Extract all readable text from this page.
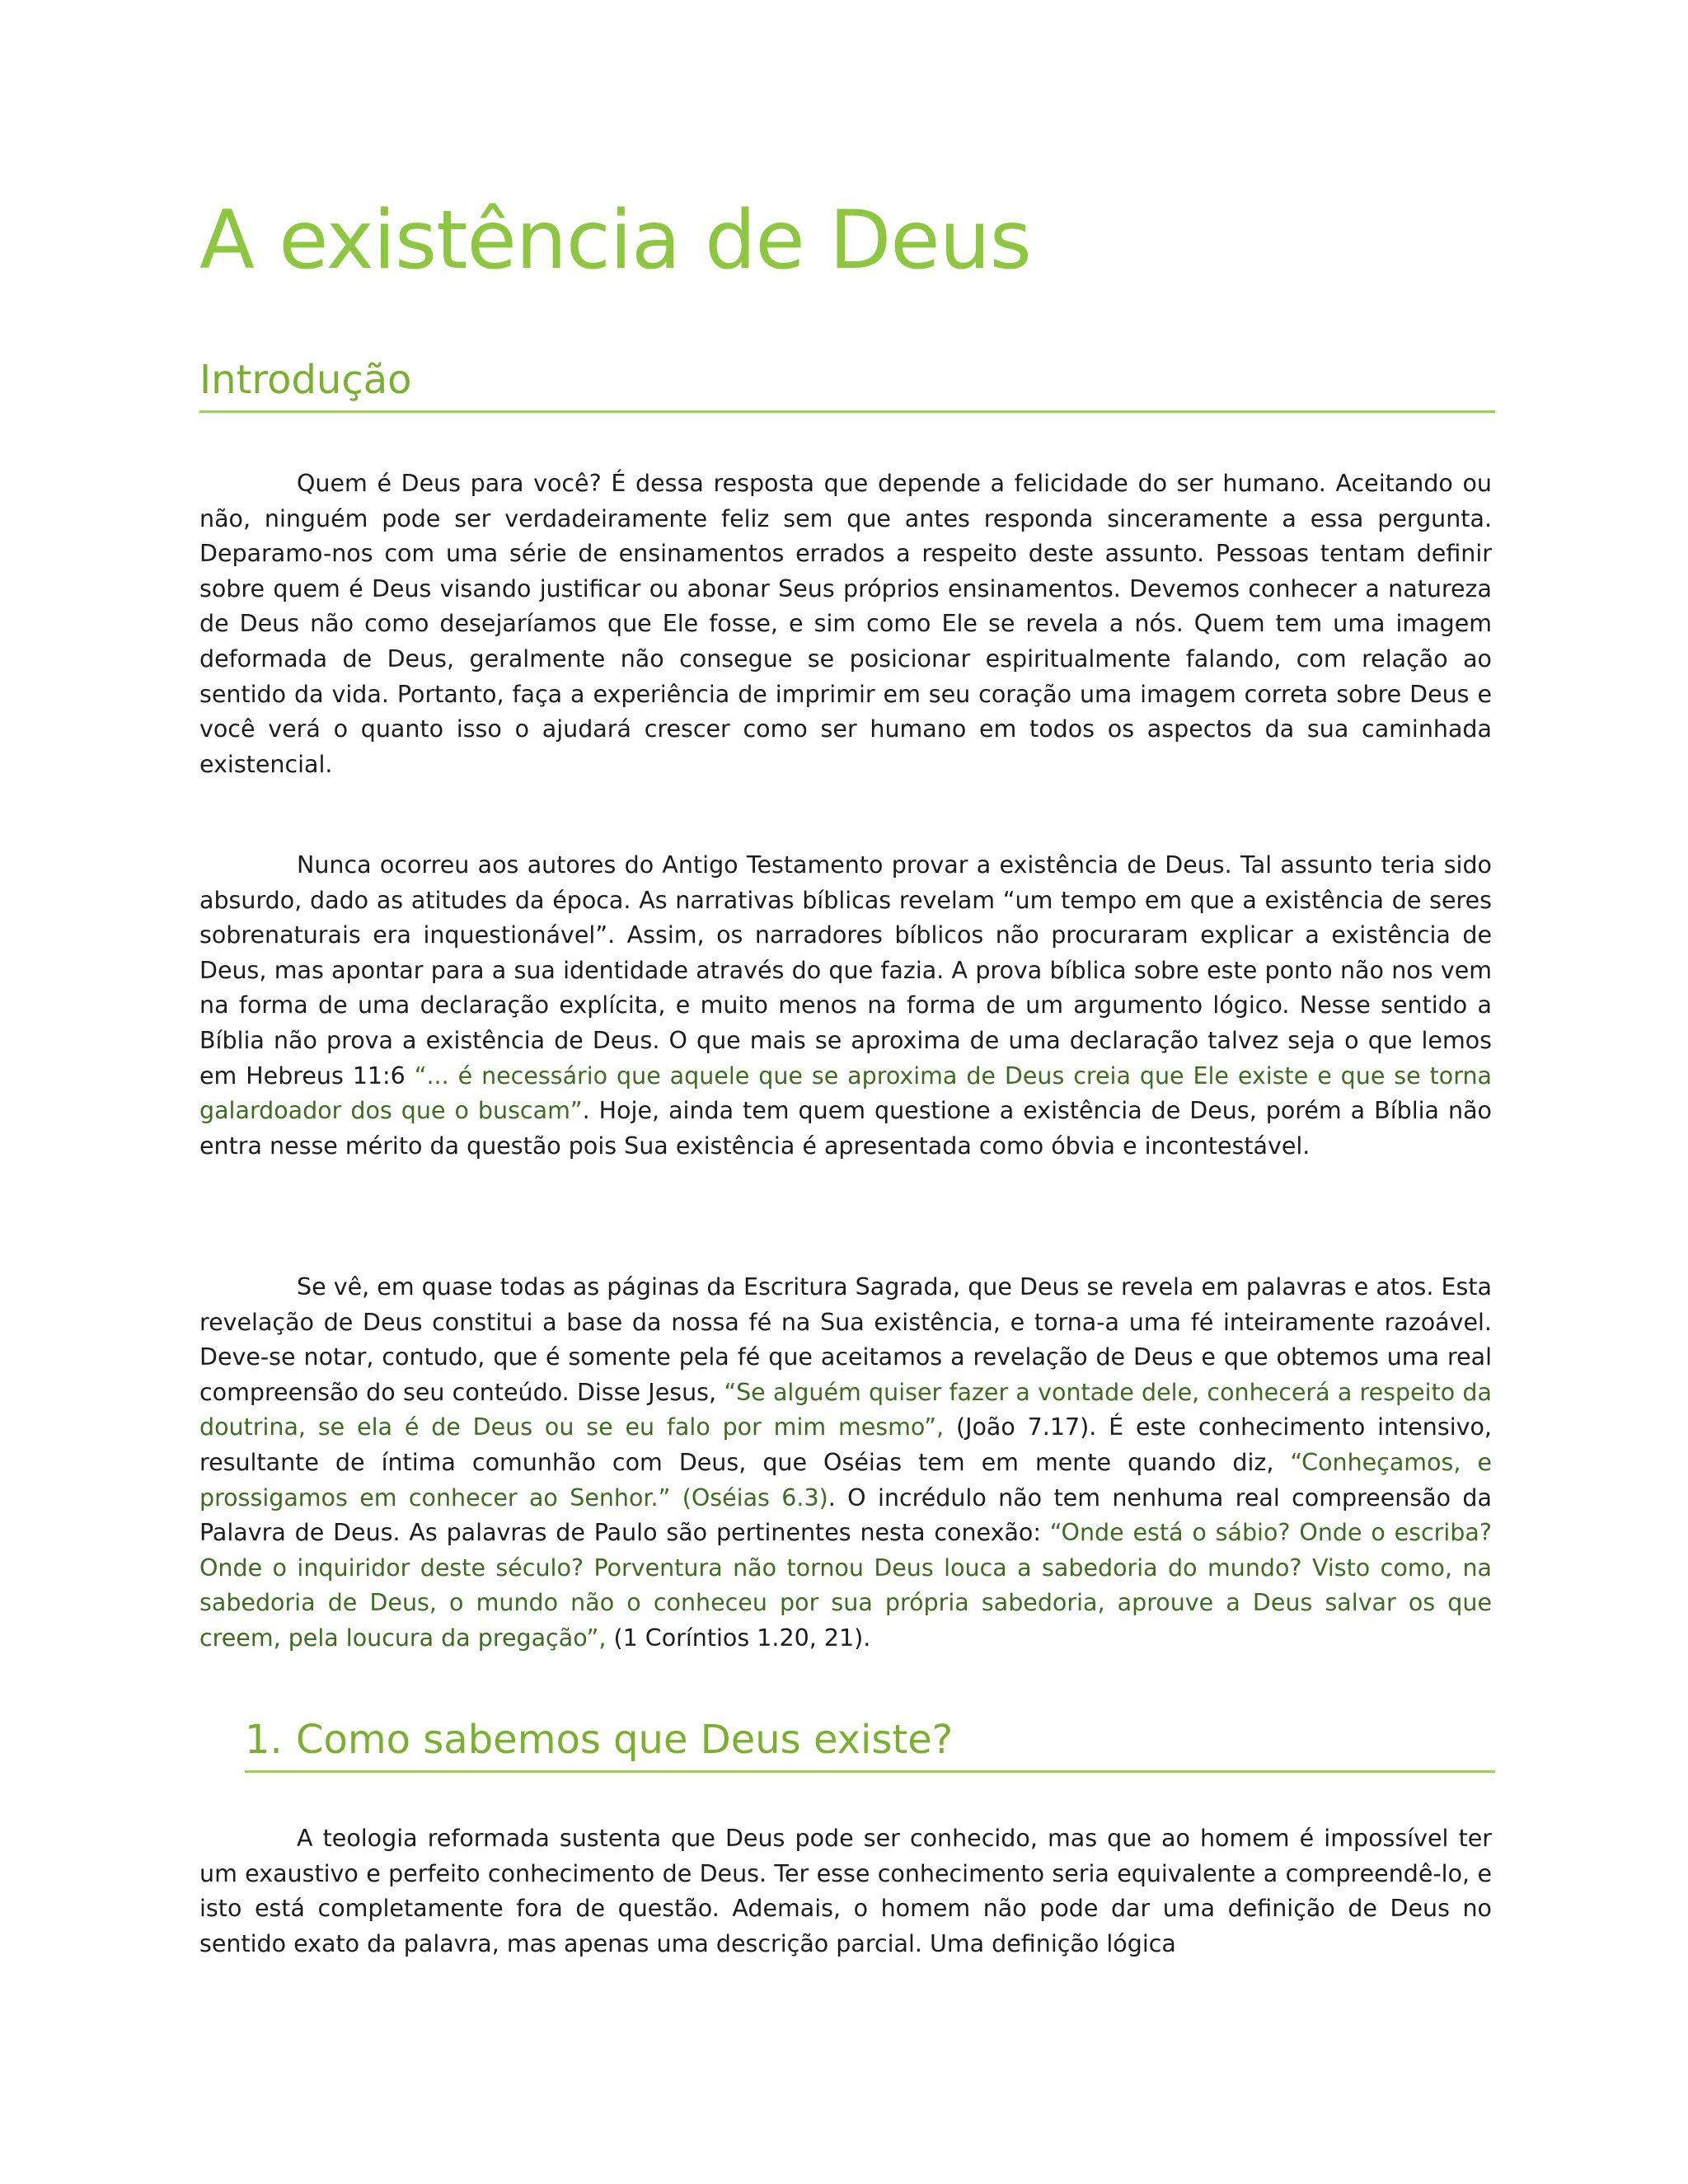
A existência de Deus
Introdução

Quem é Deus para você? É dessa resposta que depende a felicidade do ser humano. Aceitando ou não, ninguém pode ser verdadeiramente feliz sem que antes responda sinceramente a essa pergunta. Deparamo-nos com uma série de ensinamentos errados a respeito deste assunto. Pessoas tentam definir sobre quem é Deus visando justificar ou abonar Seus próprios ensinamentos. Devemos conhecer a natureza de Deus não como desejaríamos que Ele fosse, e sim como Ele se revela a nós. Quem tem uma imagem deformada de Deus, geralmente não consegue se posicionar espiritualmente falando, com relação ao sentido da vida. Portanto, faça a experiência de imprimir em seu coração uma imagem correta sobre Deus e você verá o quanto isso o ajudará crescer como ser humano em todos os aspectos da sua caminhada existencial.

Nunca ocorreu aos autores do Antigo Testamento provar a existência de Deus. Tal assunto teria sido absurdo, dado as atitudes da época. As narrativas bíblicas revelam “um tempo em que a existência de seres sobrenaturais era inquestionável”. Assim, os narradores bíblicos não procuraram explicar a existência de Deus, mas apontar para a sua identidade através do que fazia. A prova bíblica sobre este ponto não nos vem na forma de uma declaração explícita, e muito menos na forma de um argumento lógico. Nesse sentido a Bíblia não prova a existência de Deus. O que mais se aproxima de uma declaração talvez seja o que lemos em Hebreus 11:6 “... é necessário que aquele que se aproxima de Deus creia que Ele existe e que se torna galardoador dos que o buscam”. Hoje, ainda tem quem questione a existência de Deus, porém a Bíblia não entra nesse mérito da questão pois Sua existência é apresentada como óbvia e incontestável.

Se vê, em quase todas as páginas da Escritura Sagrada, que Deus se revela em palavras e atos. Esta revelação de Deus constitui a base da nossa fé na Sua existência, e torna-a uma fé inteiramente razoável. Deve-se notar, contudo, que é somente pela fé que aceitamos a revelação de Deus e que obtemos uma real compreensão do seu conteúdo. Disse Jesus, “Se alguém quiser fazer a vontade dele, conhecerá a respeito da doutrina, se ela é de Deus ou se eu falo por mim mesmo”, (João 7.17). É este conhecimento intensivo, resultante de íntima comunhão com Deus, que Oséias tem em mente quando diz, “Conheçamos, e prossigamos em conhecer ao Senhor.” (Oséias 6.3). O incrédulo não tem nenhuma real compreensão da Palavra de Deus. As palavras de Paulo são pertinentes nesta conexão: “Onde está o sábio? Onde o escriba? Onde o inquiridor deste século? Porventura não tornou Deus louca a sabedoria do mundo? Visto como, na sabedoria de Deus, o mundo não o conheceu por sua própria sabedoria, aprouve a Deus salvar os que creem, pela loucura da pregação”, (1 Coríntios 1.20, 21).

1. Como sabemos que Deus existe?

A teologia reformada sustenta que Deus pode ser conhecido, mas que ao homem é impossível ter um exaustivo e perfeito conhecimento de Deus. Ter esse conhecimento seria equivalente a compreendê-lo, e isto está completamente fora de questão. Ademais, o homem não pode dar uma definição de Deus no sentido exato da palavra, mas apenas uma descrição parcial. Uma definição lógica
